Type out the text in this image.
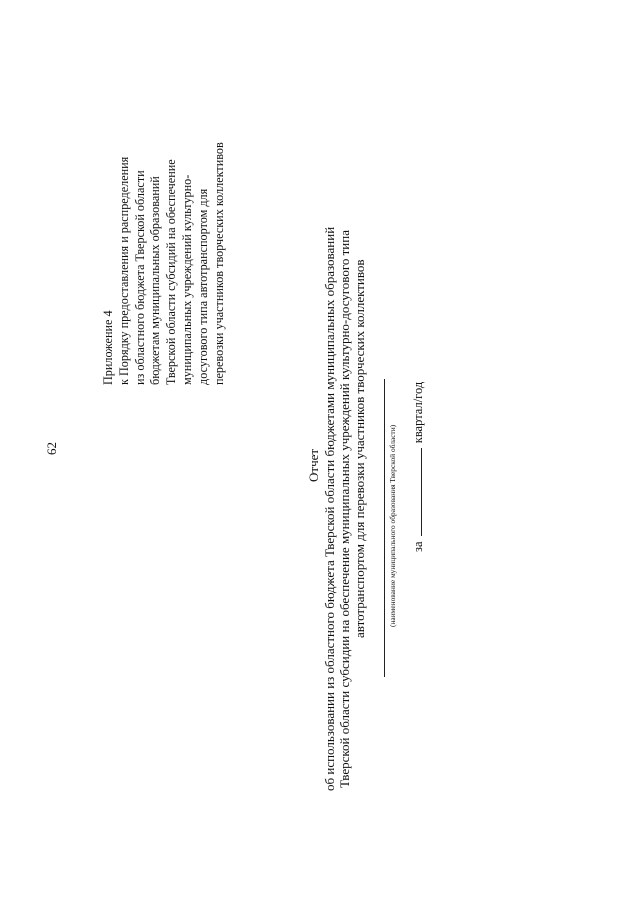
62
Приложение 4 к Порядку предоставления и распределения из областного бюджета Тверской области бюджетам муниципальных образований Тверской области субсидий на обеспечение муниципальных учреждений культурно- досугового типа автотранспортом для перевозки участников творческих коллективов
Отчет об использовании из областного бюджета Тверской области бюджетами муниципальных образований Тверской области субсидии на обеспечение муниципальных учреждений культурно-досугового типа автотранспортом для перевозки участников творческих коллективов	(наименование муниципального образования Тверской области) за  квартал/год
